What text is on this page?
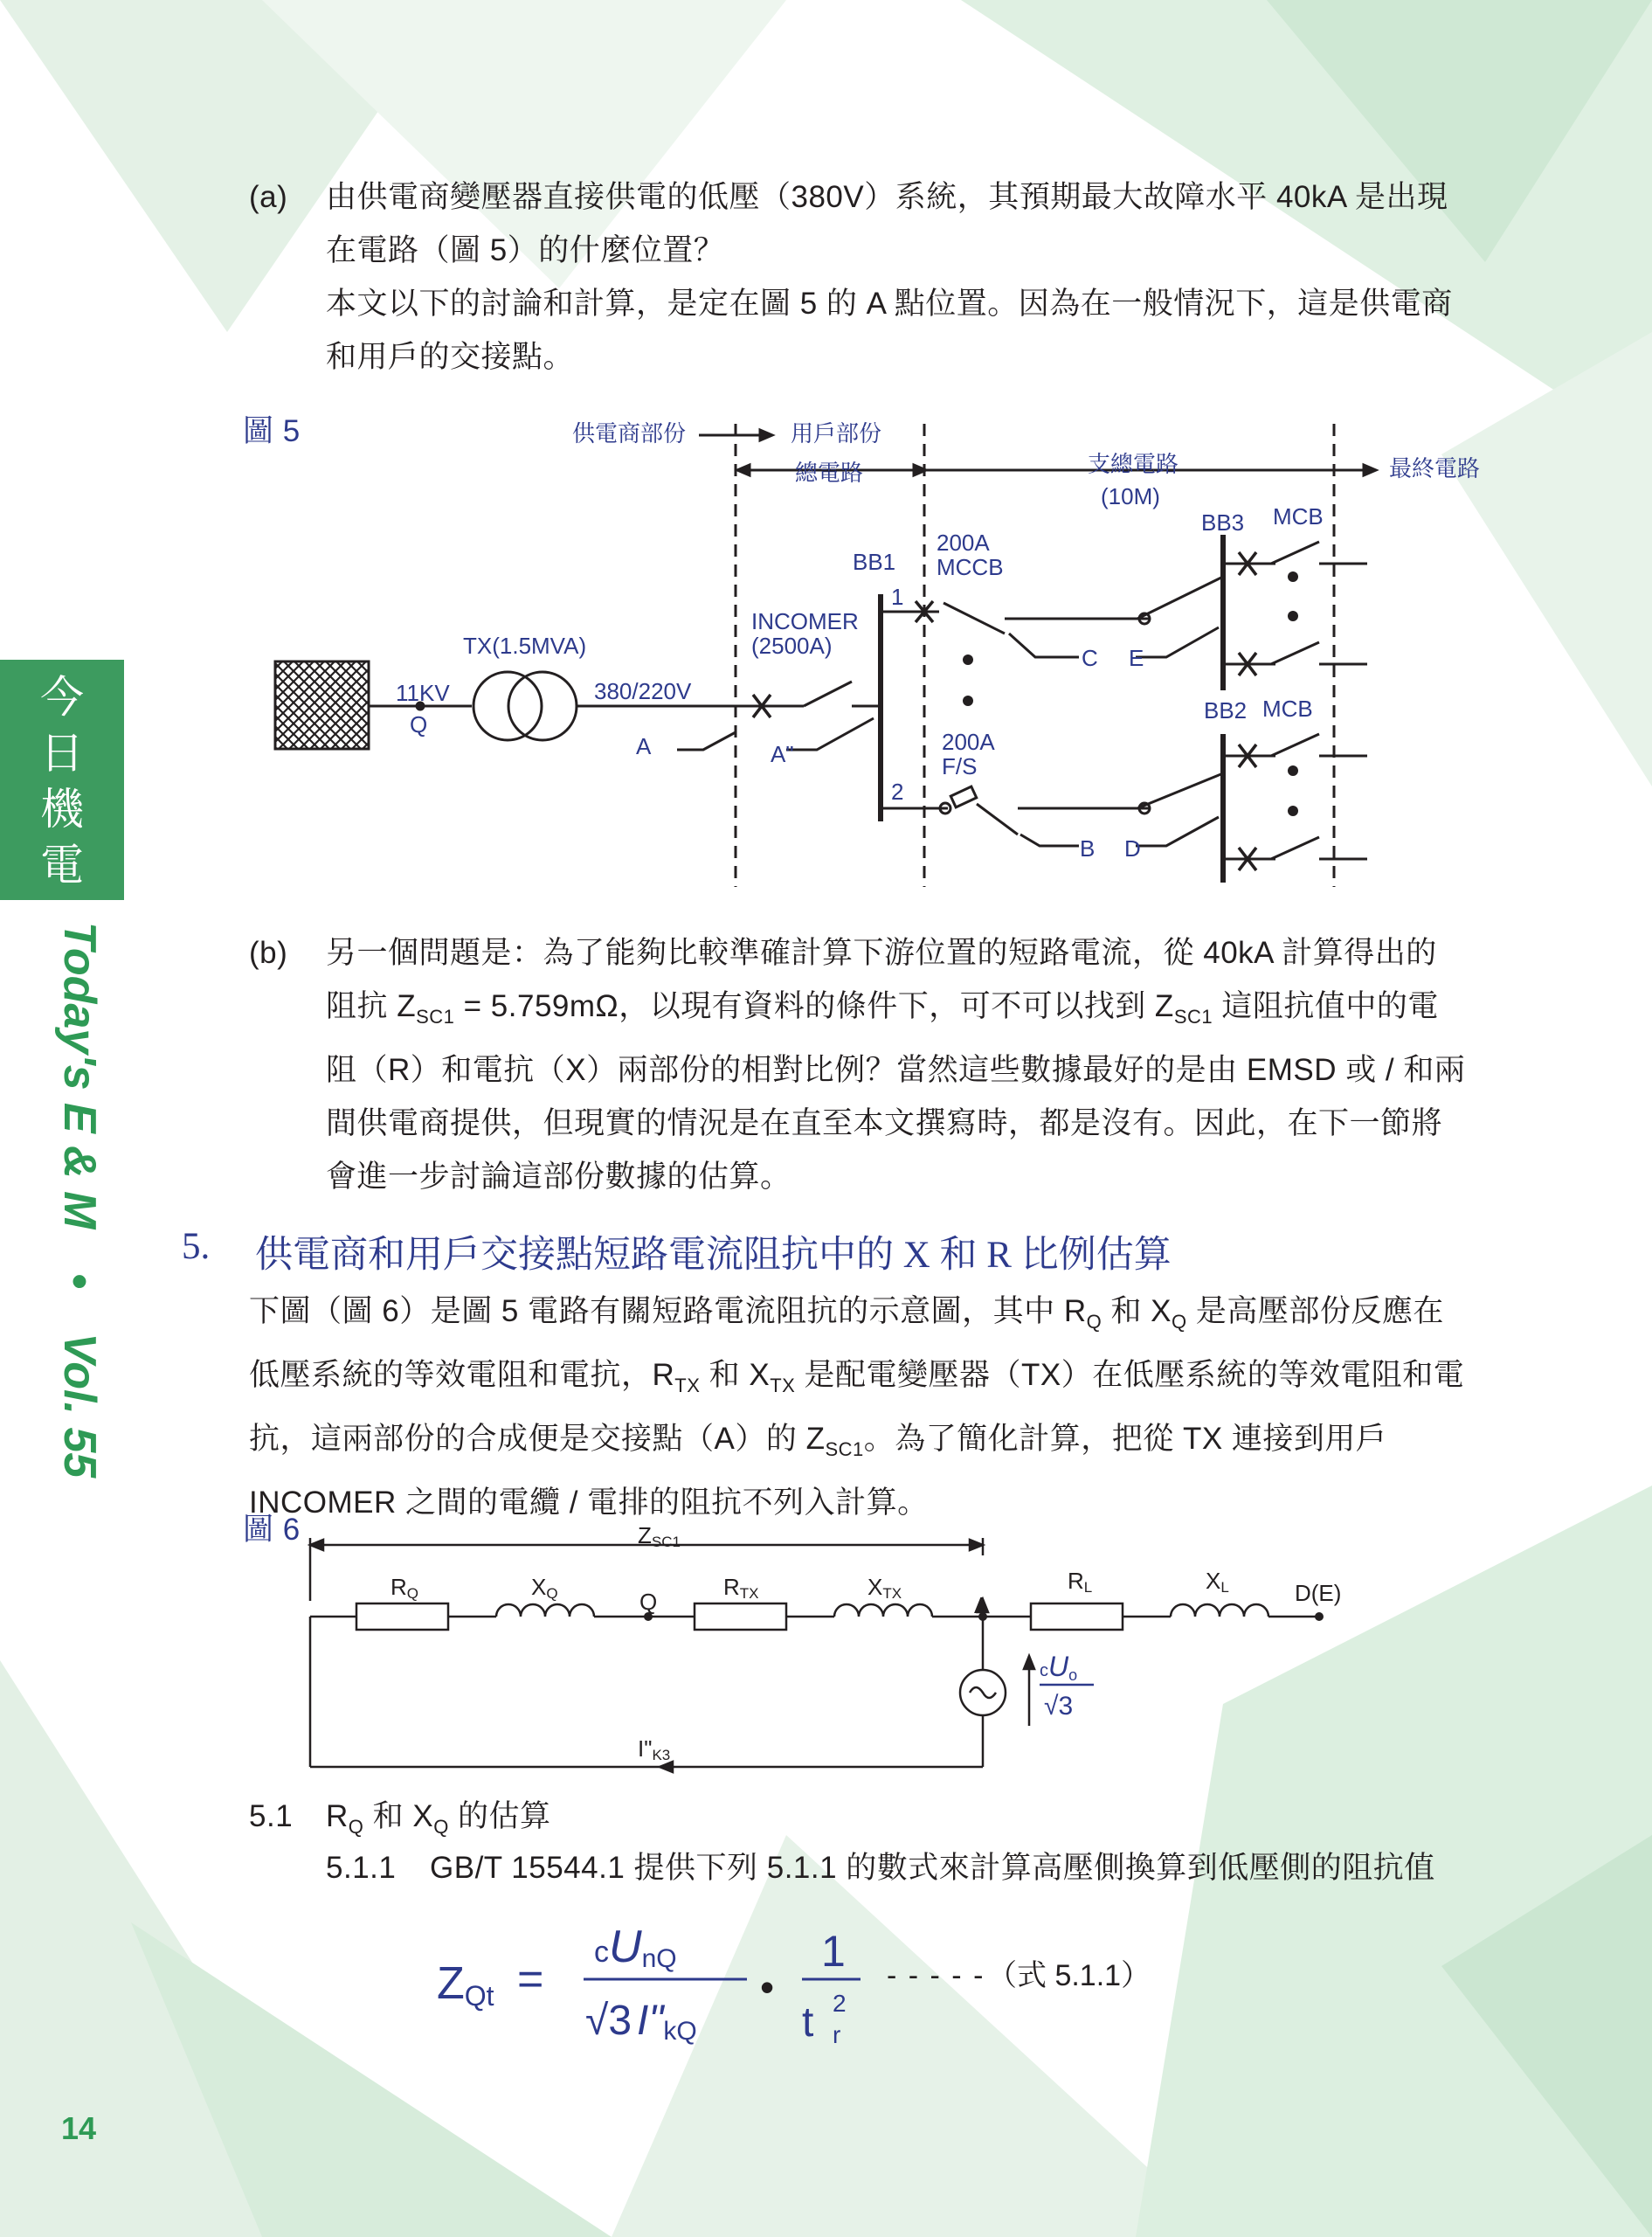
今
日
機
電
Today's E & M • Vol. 55
(a) 由供電商變壓器直接供電的低壓（380V）系統，其預期最大故障水平 40kA 是出現
在電路（圖 5）的什麼位置？
本文以下的討論和計算，是定在圖 5 的 A 點位置。因為在一般情況下，這是供電商
和用戶的交接點。
圖 5	供電商部份	用戶部份
總電路	支總電路
(10M)
最終電路
11KV
Q
TX(1.5MVA)
380/220V
A	A"
INCOMER
(2500A)
BB1
1
2
200A
MCCB
200A
F/S
C E
B D
BB3 MCB
BB2 MCB
(b) 另一個問題是：為了能夠比較準確計算下游位置的短路電流，從 40kA 計算得出的
阻抗 $Z_{SC1} = 5.759m\Omega$，以現有資料的條件下，可不可以找到 $Z_{SC1}$ 這阻抗值中的電
阻（R）和電抗（X）兩部份的相對比例？當然這些數據最好的是由 EMSD 或 / 和兩
間供電商提供，但現實的情況是在直至本文撰寫時，都是沒有。因此，在下一節將
會進一步討論這部份數據的估算。
5. 供電商和用戶交接點短路電流阻抗中的 X 和 R 比例估算
下圖（圖 6）是圖 5 電路有關短路電流阻抗的示意圖，其中 $R_Q$ 和 $X_Q$ 是高壓部份反應在
低壓系統的等效電阻和電抗，$R_{TX}$ 和 $X_{TX}$ 是配電變壓器（TX）在低壓系統的等效電阻和電
抗，這兩部份的合成便是交接點（A）的 $Z_{SC1}$。為了簡化計算，把從 TX 連接到用戶
INCOMER 之間的電纜 / 電排的阻抗不列入計算。
圖 6	ZSC1
RQ	XQ	Q
RTX	XTX	A
RL	XL	D(E)
I"K3
cUo
√3
5.1 $R_Q$ 和 $X_Q$ 的估算
5.1.1 GB/T 15544.1 提供下列 5.1.1 的數式來計算高壓側換算到低壓側的阻抗值
ZQt =
cUnQ
√3 I"kQ
•
1
t 2
r
- - - - - （式 5.1.1）
14
